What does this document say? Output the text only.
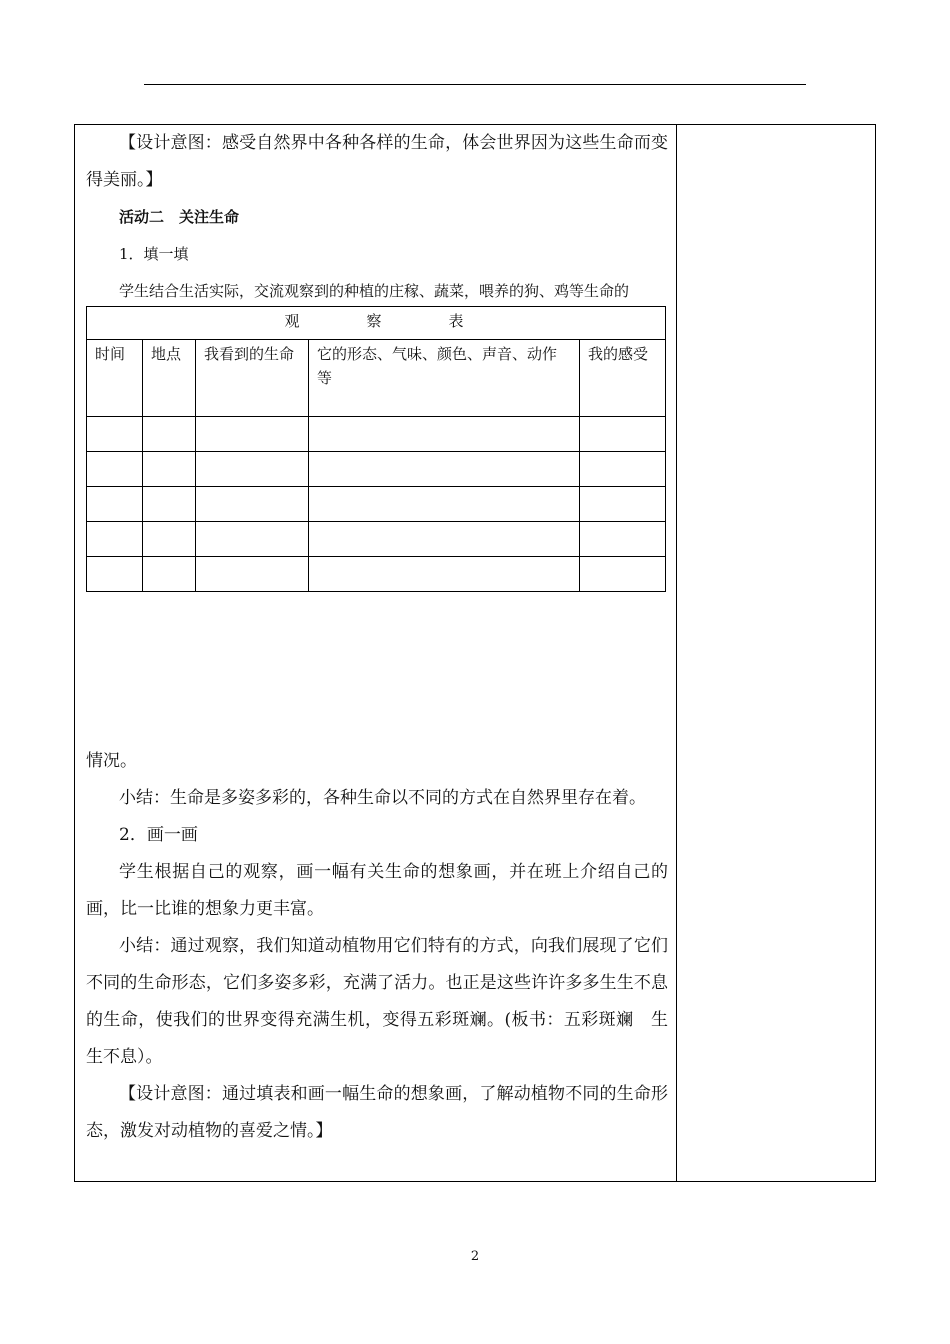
【设计意图：感受自然界中各种各样的生命，体会世界因为这些生命而变得美丽。】

活动二　关注生命

1．填一填

学生结合生活实际，交流观察到的种植的庄稼、蔬菜，喂养的狗、鸡等生命的

观　察　表				
时间	地点	我看到的生命	它的形态、气味、颜色、声音、动作等	我的感受

情况。

小结：生命是多姿多彩的，各种生命以不同的方式在自然界里存在着。

2．画一画

学生根据自己的观察，画一幅有关生命的想象画，并在班上介绍自己的画，比一比谁的想象力更丰富。

小结：通过观察，我们知道动植物用它们特有的方式，向我们展现了它们不同的生命形态，它们多姿多彩，充满了活力。也正是这些许许多多生生不息的生命，使我们的世界变得充满生机，变得五彩斑斓。(板书：五彩斑斓　生生不息）。

【设计意图：通过填表和画一幅生命的想象画，了解动植物不同的生命形态，激发对动植物的喜爱之情。】

2
